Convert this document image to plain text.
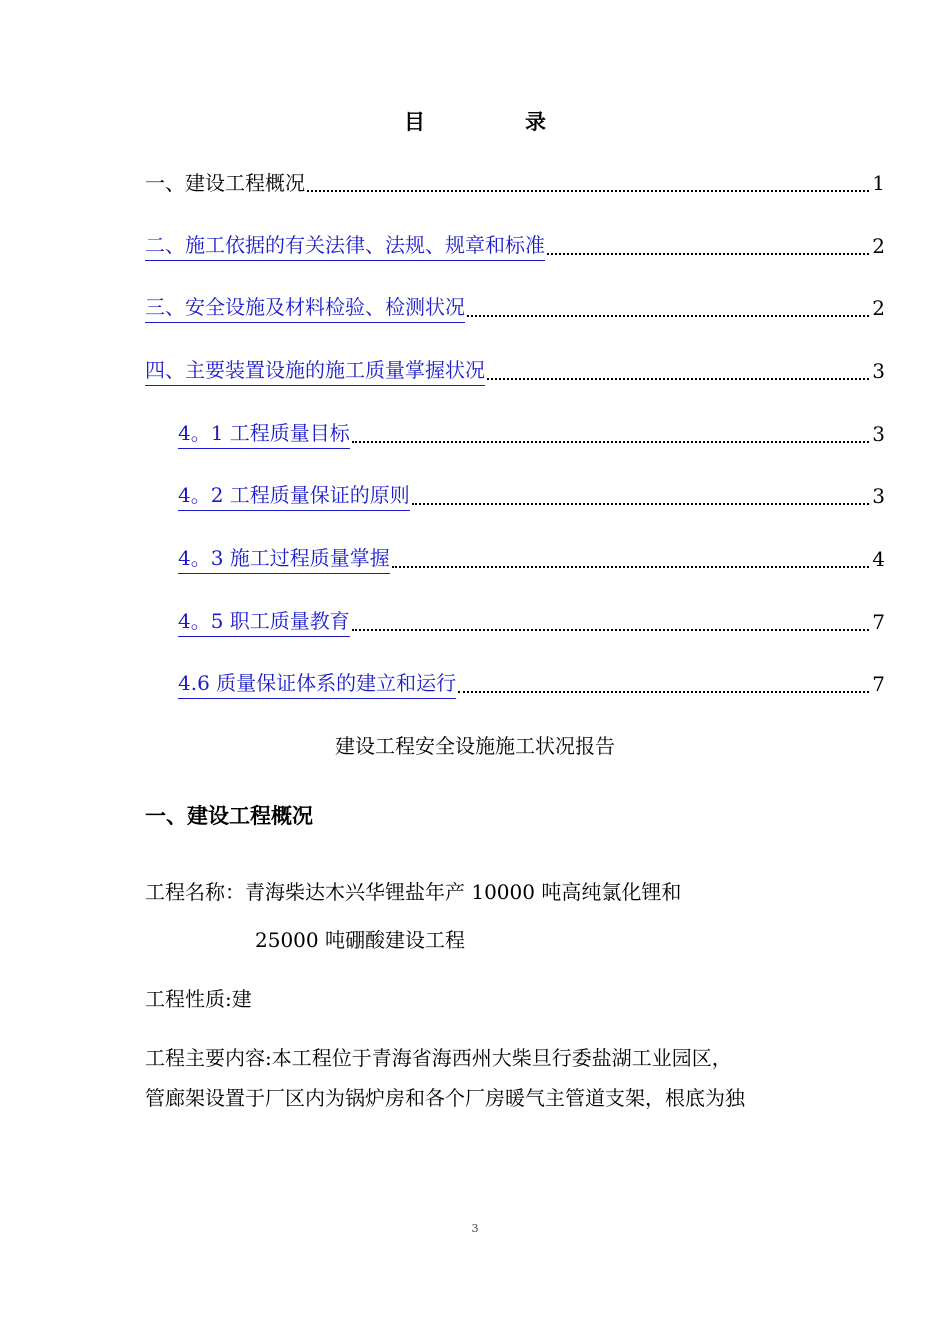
目	录
一、建设工程概况	1
二、施工依据的有关法律、法规、规章和标准	2
三、安全设施及材料检验、检测状况	2
四、主要装置设施的施工质量掌握状况	3
4。1 工程质量目标	3
4。2 工程质量保证的原则	3
4。3 施工过程质量掌握	4
4。5 职工质量教育	7
4.6 质量保证体系的建立和运行	7
建设工程安全设施施工状况报告
一、建设工程概况
工程名称：青海柴达木兴华锂盐年产 10000 吨高纯氯化锂和
25000 吨硼酸建设工程
工程性质:建
工程主要内容:本工程位于青海省海西州大柴旦行委盐湖工业园区，
管廊架设置于厂区内为锅炉房和各个厂房暖气主管道支架，根底为独
3
